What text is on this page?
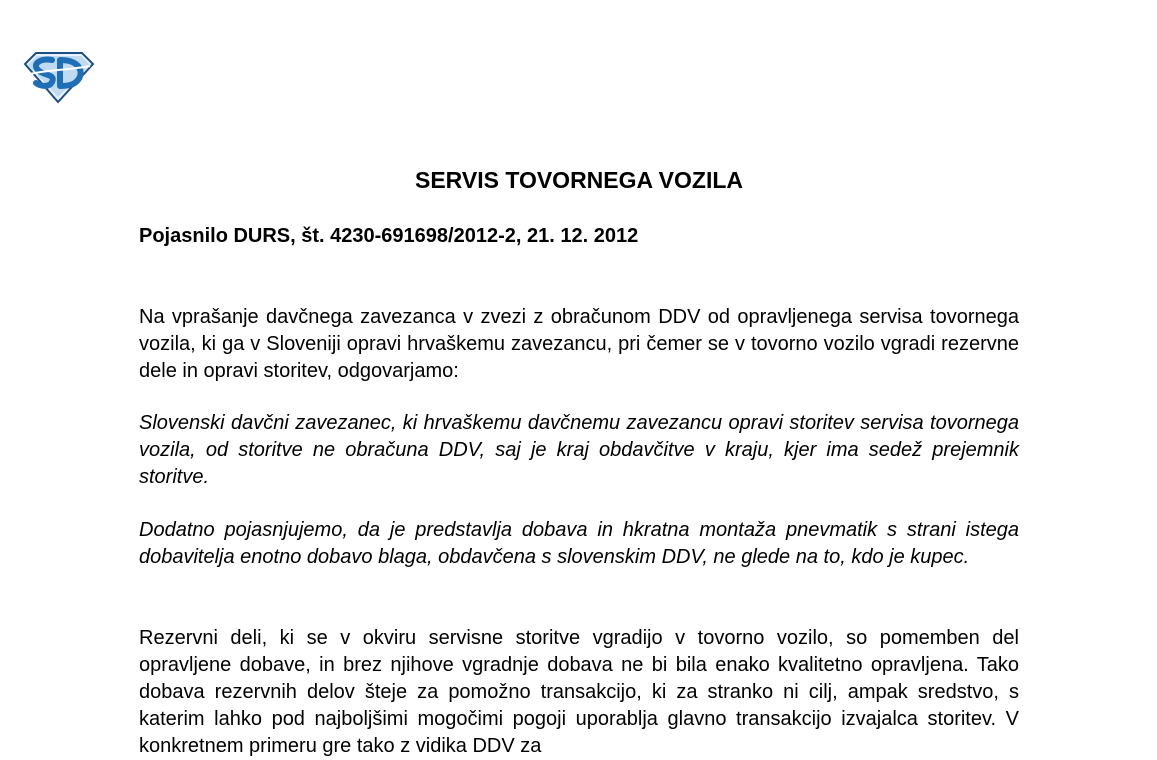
SERVIS TOVORNEGA VOZILA

Pojasnilo DURS, št. 4230-691698/2012-2, 21. 12. 2012

Na vprašanje davčnega zavezanca v zvezi z obračunom DDV od opravljenega servisa tovornega vozila, ki ga v Sloveniji opravi hrvaškemu zavezancu, pri čemer se v tovorno vozilo vgradi rezervne dele in opravi storitev, odgovarjamo:

Slovenski davčni zavezanec, ki hrvaškemu davčnemu zavezancu opravi storitev servisa tovornega vozila, od storitve ne obračuna DDV, saj je kraj obdavčitve v kraju, kjer ima sedež prejemnik storitve.

Dodatno pojasnjujemo, da je predstavlja dobava in hkratna montaža pnevmatik s strani istega dobavitelja enotno dobavo blaga, obdavčena s slovenskim DDV, ne glede na to, kdo je kupec.

Rezervni deli, ki se v okviru servisne storitve vgradijo v tovorno vozilo, so pomemben del opravljene dobave, in brez njihove vgradnje dobava ne bi bila enako kvalitetno opravljena. Tako dobava rezervnih delov šteje za pomožno transakcijo, ki za stranko ni cilj, ampak sredstvo, s katerim lahko pod najboljšimi mogočimi pogoji uporablja glavno transakcijo izvajalca storitev. V konkretnem primeru gre tako z vidika DDV za
